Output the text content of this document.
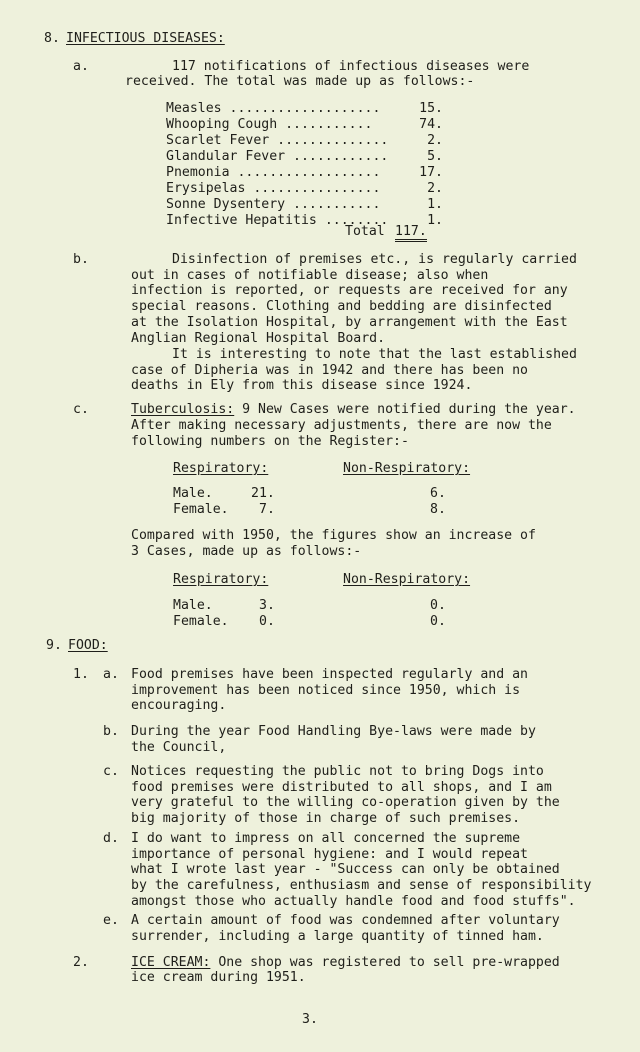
8. INFECTIOUS DISEASES:
a.	117 notifications of infectious diseases were
received. The total was made up as follows:-
Measles ...................	15.
Whooping Cough ...........	74.
Scarlet Fever ..............	2.
Glandular Fever ............	5.
Pnemonia ..................	17.
Erysipelas ................	2.
Sonne Dysentery ...........	1.
Infective Hepatitis ........	1.
Total 117.
b.	Disinfection of premises etc., is regularly carried
out in cases of notifiable disease; also when
infection is reported, or requests are received for any
special reasons. Clothing and bedding are disinfected
at the Isolation Hospital, by arrangement with the East
Anglian Regional Hospital Board.
It is interesting to note that the last established
case of Dipheria was in 1942 and there has been no
deaths in Ely from this disease since 1924.
c.	Tuberculosis: 9 New Cases were notified during the year.
After making necessary adjustments, there are now the
following numbers on the Register:-
Respiratory:	Non-Respiratory:
Male.	21.	6.
Female. 7.	8.
Compared with 1950, the figures show an increase of
3 Cases, made up as follows:-
Respiratory:	Non-Respiratory:
Male.	3.	0.
Female. 0.	0.
9. FOOD:
1. a. Food premises have been inspected regularly and an
improvement has been noticed since 1950, which is
encouraging.
b. During the year Food Handling Bye-laws were made by
the Council,
c. Notices requesting the public not to bring Dogs into
food premises were distributed to all shops, and I am
very grateful to the willing co-operation given by the
big majority of those in charge of such premises.
d. I do want to impress on all concerned the supreme
importance of personal hygiene: and I would repeat
what I wrote last year - "Success can only be obtained
by the carefulness, enthusiasm and sense of responsibility
amongst those who actually handle food and food stuffs".
e. A certain amount of food was condemned after voluntary
surrender, including a large quantity of tinned ham.
2.	ICE CREAM: One shop was registered to sell pre-wrapped
ice cream during 1951.
3.
